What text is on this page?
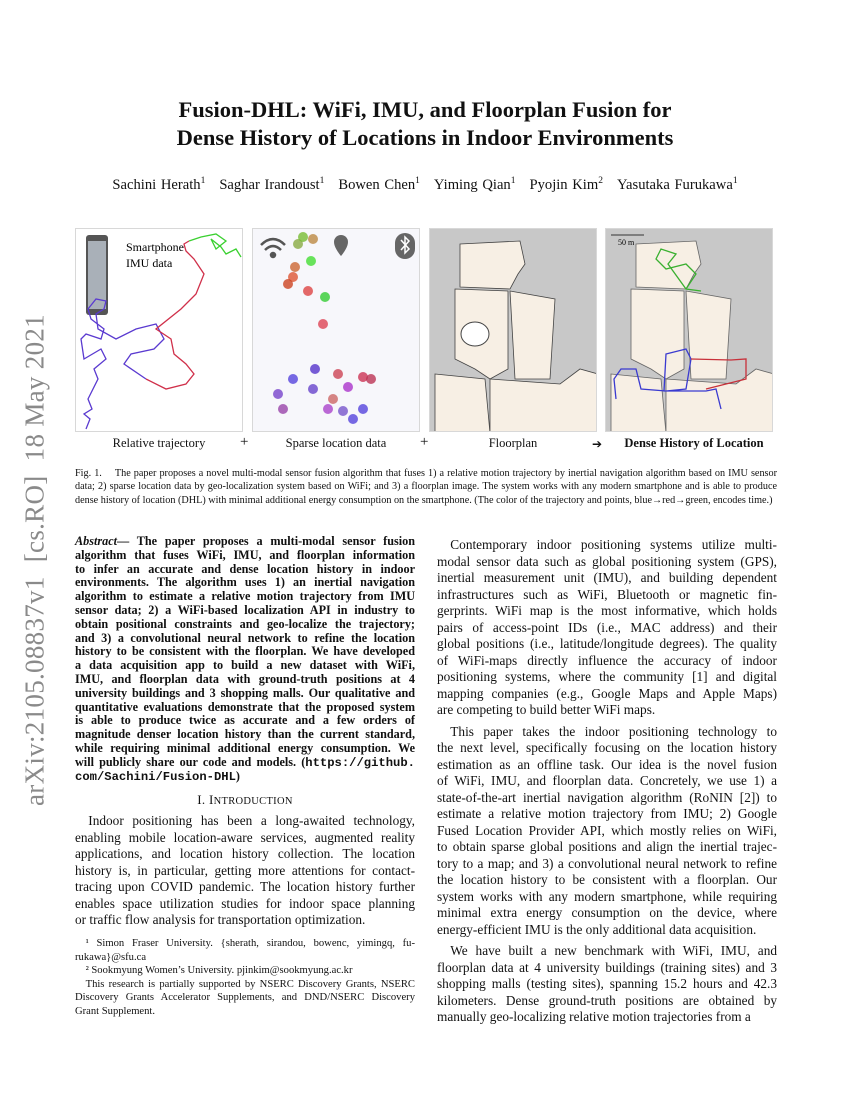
arXiv:2105.08837v1  [cs.RO]  18 May 2021
Fusion-DHL: WiFi, IMU, and Floorplan Fusion for
Dense History of Locations in Indoor Environments
Sachini Herath$^1$ Saghar Irandoust$^1$ Bowen Chen$^1$ Yiming Qian$^1$ Pyojin Kim$^2$ Yasutaka Furukawa$^1$
Smartphone
IMU data
50 m
Relative trajectory	+	Sparse location data	+	Floorplan	➔	Dense History of Location
Fig. 1.  The paper proposes a novel multi-modal sensor fusion algorithm that fuses 1) a relative motion trajectory by inertial navigation algorithm based on IMU sensor data; 2) sparse location data by geo-localization system based on WiFi; and 3) a floorplan image. The system works with any modern smartphone and is able to produce dense history of location (DHL) with minimal additional energy consumption on the smartphone. (The color of the trajectory and points, blue→red→green, encodes time.)
Abstract— The paper proposes a multi-modal sensor fusion
algorithm that fuses WiFi, IMU, and floorplan information
to infer an accurate and dense location history in indoor
environments. The algorithm uses 1) an inertial navigation
algorithm to estimate a relative motion trajectory from IMU
sensor data; 2) a WiFi-based localization API in industry to
obtain positional constraints and geo-localize the trajectory;
and 3) a convolutional neural network to refine the location
history to be consistent with the floorplan. We have developed
a data acquisition app to build a new dataset with WiFi,
IMU, and floorplan data with ground-truth positions at 4
university buildings and 3 shopping malls. Our qualitative and
quantitative evaluations demonstrate that the proposed system
is able to produce twice as accurate and a few orders of
magnitude denser location history than the current standard,
while requiring minimal additional energy consumption. We
will publicly share our code and models. (https://github.
com/Sachini/Fusion-DHL)
I. INTRODUCTION
 Indoor positioning has been a long-awaited technology,
enabling mobile location-aware services, augmented reality
applications, and location history collection. The location
history is, in particular, getting more attentions for contact-
tracing upon COVID pandemic. The location history further
enables space utilization studies for indoor space planning
or traffic flow analysis for transportation optimization.
 ¹ Simon Fraser University. {sherath, sirandou, bowenc, yimingq, fu-
rukawa}@sfu.ca
 ² Sookmyung Women’s University. pjinkim@sookmyung.ac.kr
 This research is partially supported by NSERC Discovery Grants, NSERC
Discovery Grants Accelerator Supplements, and DND/NSERC Discovery
Grant Supplement.
 Contemporary indoor positioning systems utilize multi-
modal sensor data such as global positioning system (GPS),
inertial measurement unit (IMU), and building dependent
infrastructures such as WiFi, Bluetooth or magnetic fin-
gerprints. WiFi map is the most informative, which holds
pairs of access-point IDs (i.e., MAC address) and their
global positions (i.e., latitude/longitude degrees). The quality
of WiFi-maps directly influence the accuracy of indoor
positioning systems, where the community [1] and digital
mapping companies (e.g., Google Maps and Apple Maps)
are competing to build better WiFi maps.
 This paper takes the indoor positioning technology to
the next level, specifically focusing on the location history
estimation as an offline task. Our idea is the novel fusion
of WiFi, IMU, and floorplan data. Concretely, we use 1) a
state-of-the-art inertial navigation algorithm (RoNIN [2]) to
estimate a relative motion trajectory from IMU; 2) Google
Fused Location Provider API, which mostly relies on WiFi,
to obtain sparse global positions and align the inertial trajec-
tory to a map; and 3) a convolutional neural network to refine
the location history to be consistent with a floorplan. Our
system works with any modern smartphone, while requiring
minimal extra energy consumption on the device, where
energy-efficient IMU is the only additional data acquisition.
 We have built a new benchmark with WiFi, IMU, and
floorplan data at 4 university buildings (training sites) and 3
shopping malls (testing sites), spanning 15.2 hours and 42.3
kilometers. Dense ground-truth positions are obtained by
manually geo-localizing relative motion trajectories from a
